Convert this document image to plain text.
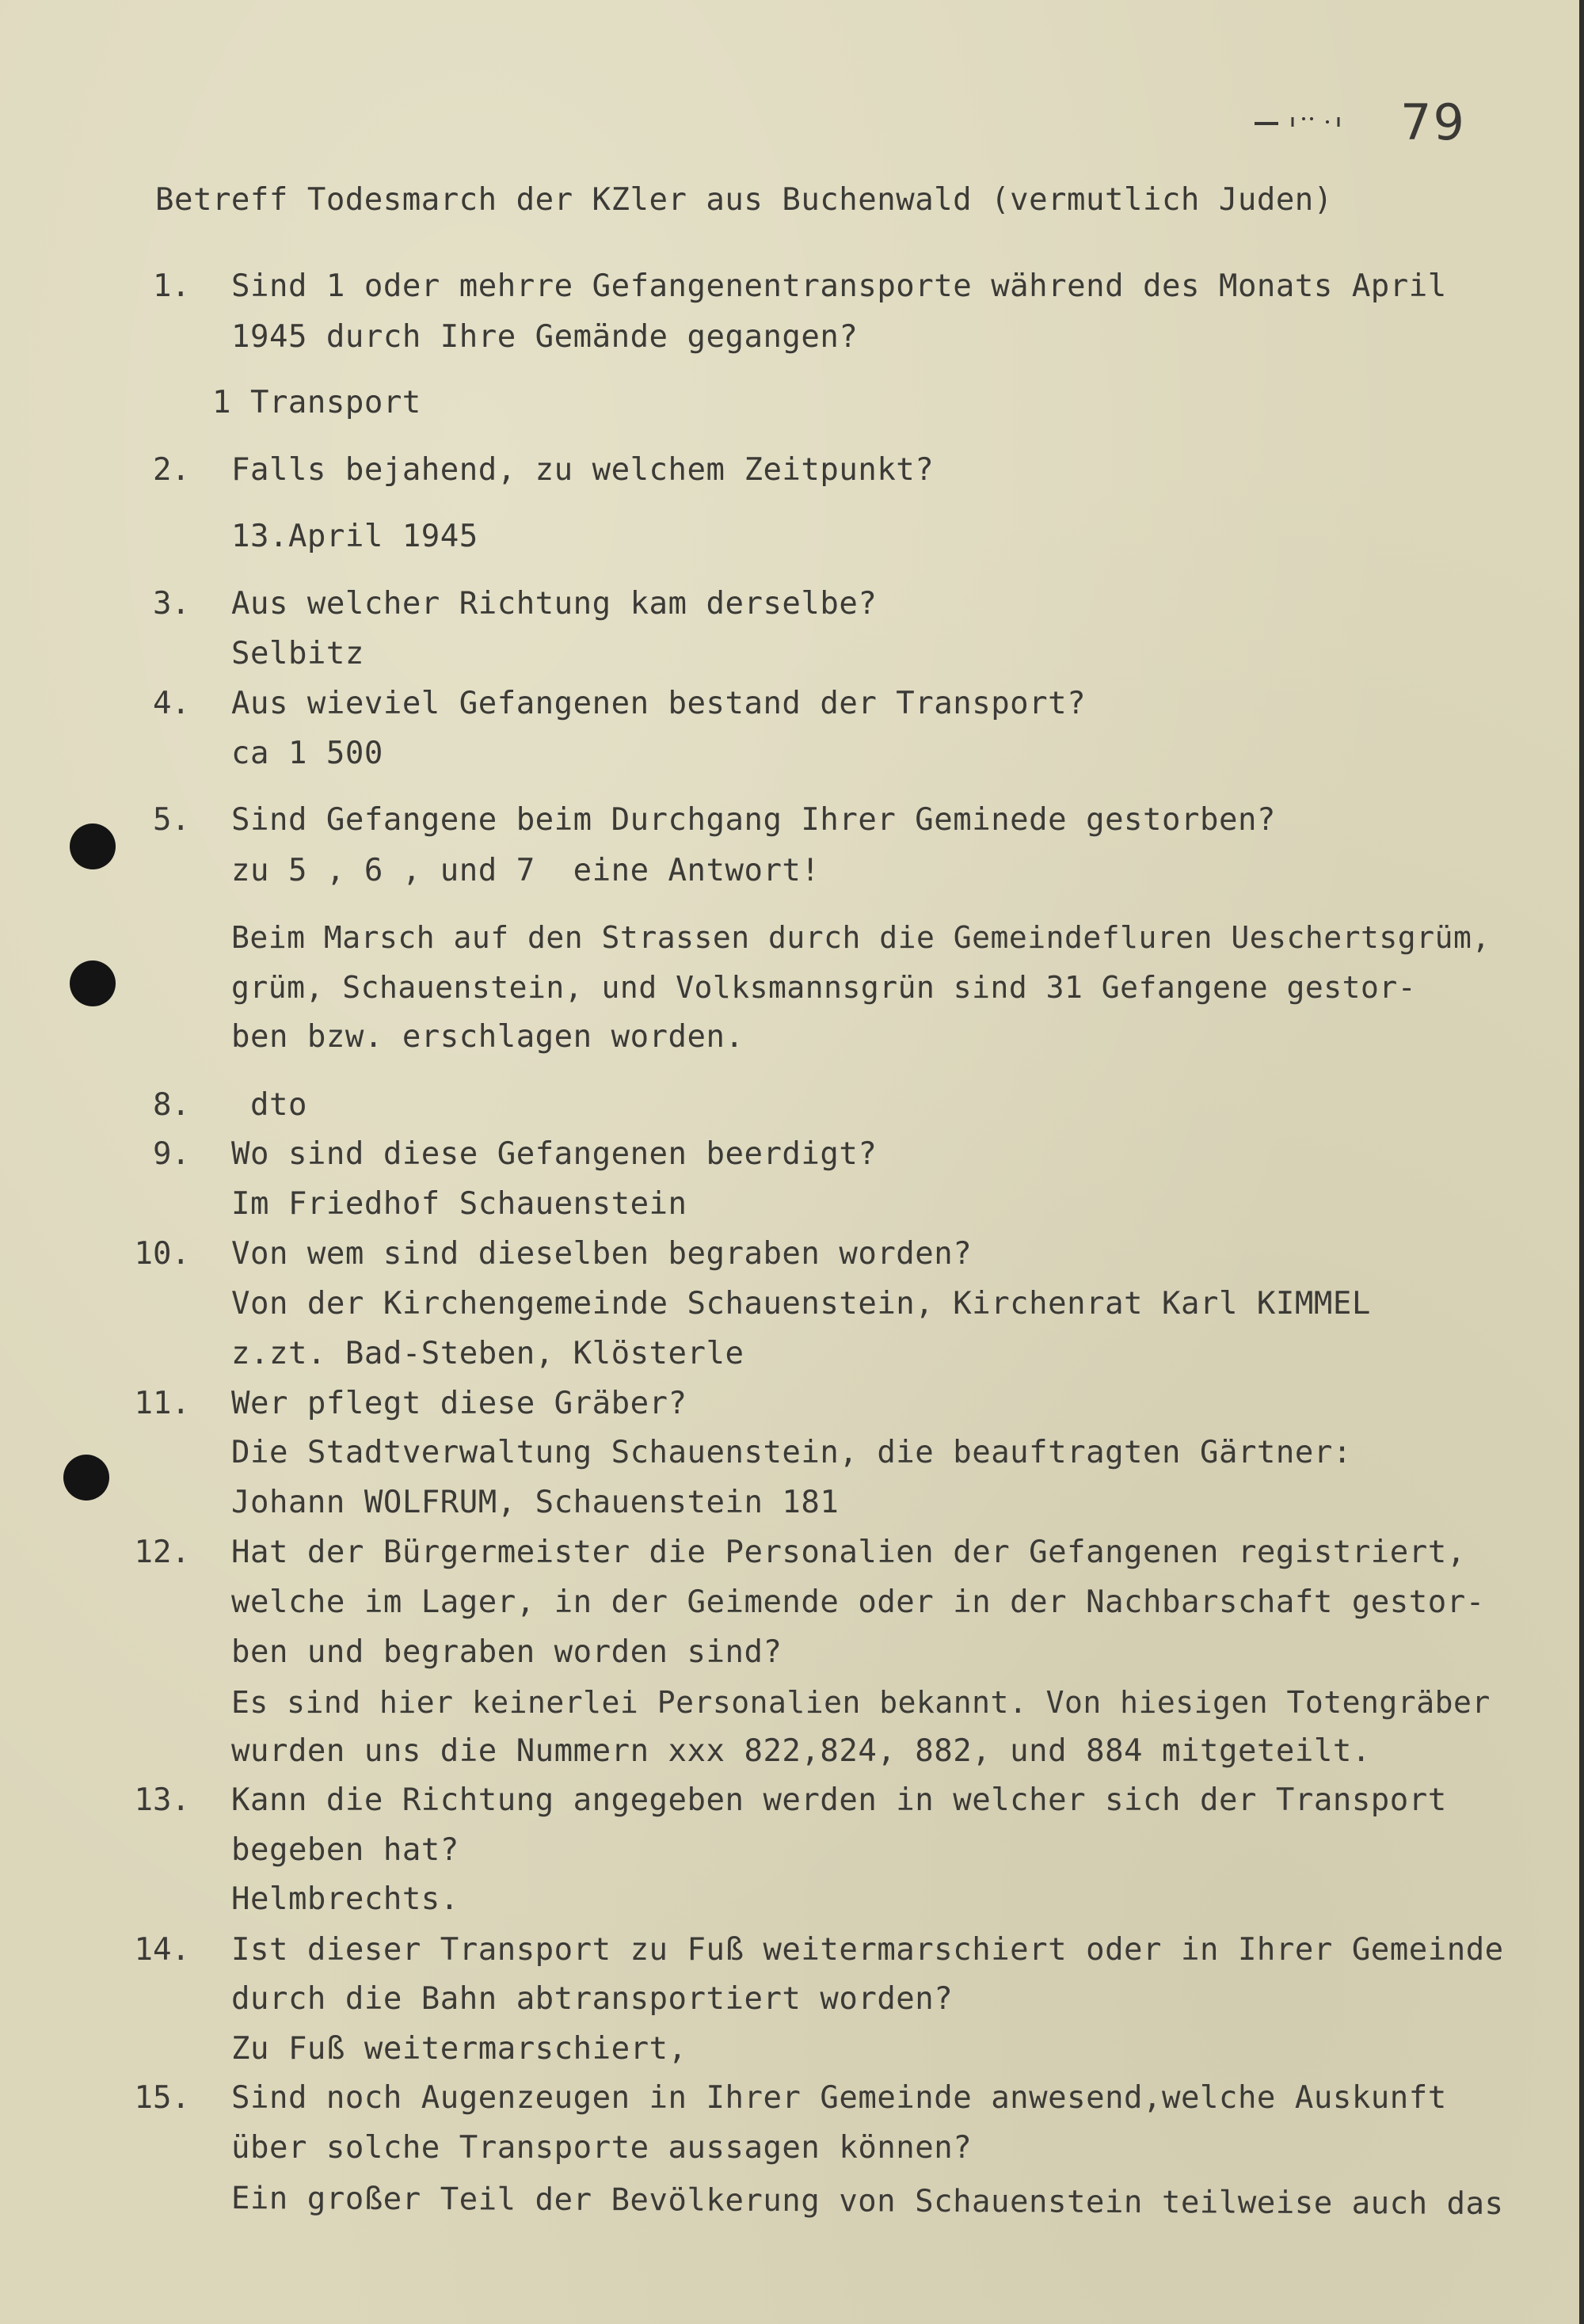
79
Betreff Todesmarch der KZler aus Buchenwald (vermutlich Juden)
1. Sind 1 oder mehrre Gefangenentransporte während des Monats April
1945 durch Ihre Gemände gegangen?
1 Transport
2. Falls bejahend, zu welchem Zeitpunkt?
13.April 1945
3. Aus welcher Richtung kam derselbe?
Selbitz
4. Aus wieviel Gefangenen bestand der Transport?
ca 1 500
5. Sind Gefangene beim Durchgang Ihrer Geminede gestorben?
zu 5 , 6 , und 7  eine Antwort!
Beim Marsch auf den Strassen durch die Gemeindefluren Ueschertsgrüm,
grüm, Schauenstein, und Volksmannsgrün sind 31 Gefangene gestor-
ben bzw. erschlagen worden.
8. dto
9. Wo sind diese Gefangenen beerdigt?
Im Friedhof Schauenstein
10. Von wem sind dieselben begraben worden?
Von der Kirchengemeinde Schauenstein, Kirchenrat Karl KIMMEL
z.zt. Bad-Steben, Klösterle
11. Wer pflegt diese Gräber?
Die Stadtverwaltung Schauenstein, die beauftragten Gärtner:
Johann WOLFRUM, Schauenstein 181
12. Hat der Bürgermeister die Personalien der Gefangenen registriert,
welche im Lager, in der Geimende oder in der Nachbarschaft gestor-
ben und begraben worden sind?
Es sind hier keinerlei Personalien bekannt. Von hiesigen Totengräber
wurden uns die Nummern xxx 822,824, 882, und 884 mitgeteilt.
13. Kann die Richtung angegeben werden in welcher sich der Transport
begeben hat?
Helmbrechts.
14. Ist dieser Transport zu Fuß weitermarschiert oder in Ihrer Gemeinde
durch die Bahn abtransportiert worden?
Zu Fuß weitermarschiert,
15. Sind noch Augenzeugen in Ihrer Gemeinde anwesend,welche Auskunft
über solche Transporte aussagen können?
Ein großer Teil der Bevölkerung von Schauenstein teilweise auch das
